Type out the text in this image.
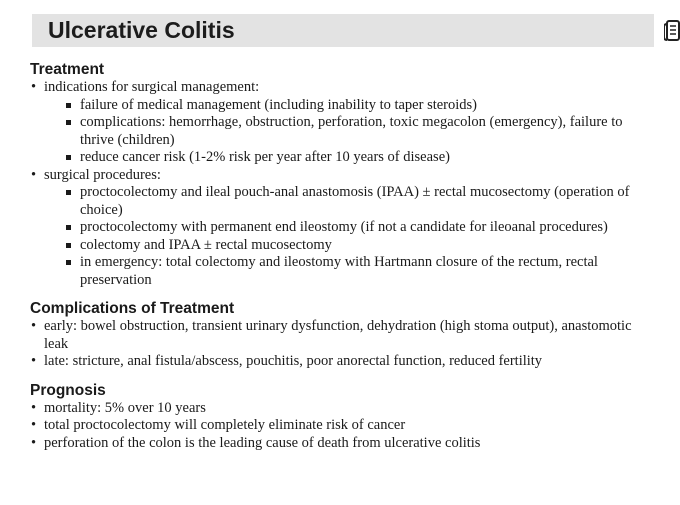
Ulcerative Colitis
Treatment
• indications for surgical management:
failure of medical management (including inability to taper steroids)
complications: hemorrhage, obstruction, perforation, toxic megacolon (emergency), failure to thrive (children)
reduce cancer risk (1-2% risk per year after 10 years of disease)
• surgical procedures:
proctocolectomy and ileal pouch-anal anastomosis (IPAA) ± rectal mucosectomy (operation of choice)
proctocolectomy with permanent end ileostomy (if not a candidate for ileoanal procedures)
colectomy and IPAA ± rectal mucosectomy
in emergency: total colectomy and ileostomy with Hartmann closure of the rectum, rectal preservation
Complications of Treatment
• early: bowel obstruction, transient urinary dysfunction, dehydration (high stoma output), anastomotic leak
• late: stricture, anal fistula/abscess, pouchitis, poor anorectal function, reduced fertility
Prognosis
• mortality: 5% over 10 years
• total proctocolectomy will completely eliminate risk of cancer
• perforation of the colon is the leading cause of death from ulcerative colitis
